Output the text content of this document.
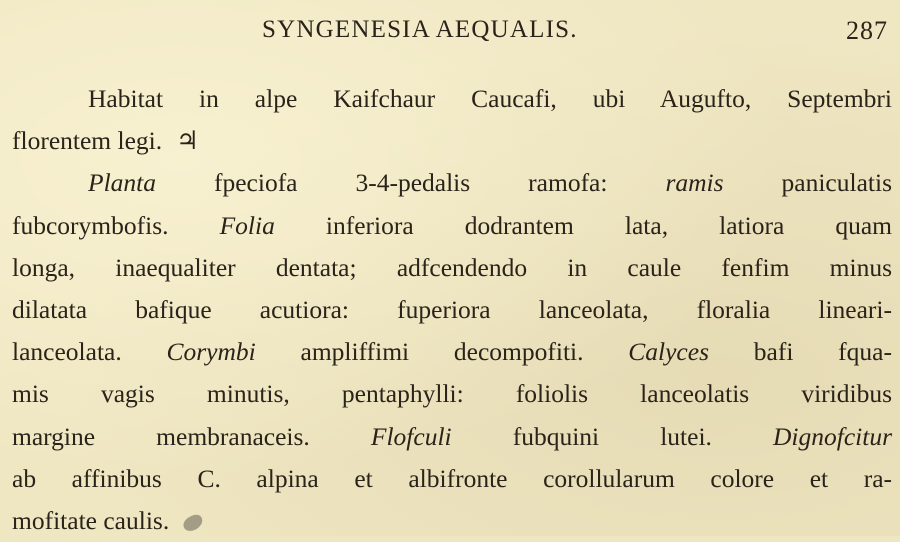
SYNGENESIA AEQUALIS.	287
Habitat in alpe Kaifchaur Caucafi, ubi Augufto, Septembri
florentem legi. ♃
Planta fpeciofa 3-4-pedalis ramofa: ramis paniculatis
fubcorymbofis. Folia inferiora dodrantem lata, latiora quam
longa, inaequaliter dentata; adfcendendo in caule fenfim minus
dilatata bafique acutiora: fuperiora lanceolata, floralia lineari-
lanceolata. Corymbi ampliffimi decompofiti. Calyces bafi fqua-
mis vagis minutis, pentaphylli: foliolis lanceolatis viridibus
margine membranaceis. Flofculi fubquini lutei. Dignofcitur
ab affinibus C. alpina et albifronte corollularum colore et ra-
mofitate caulis.
